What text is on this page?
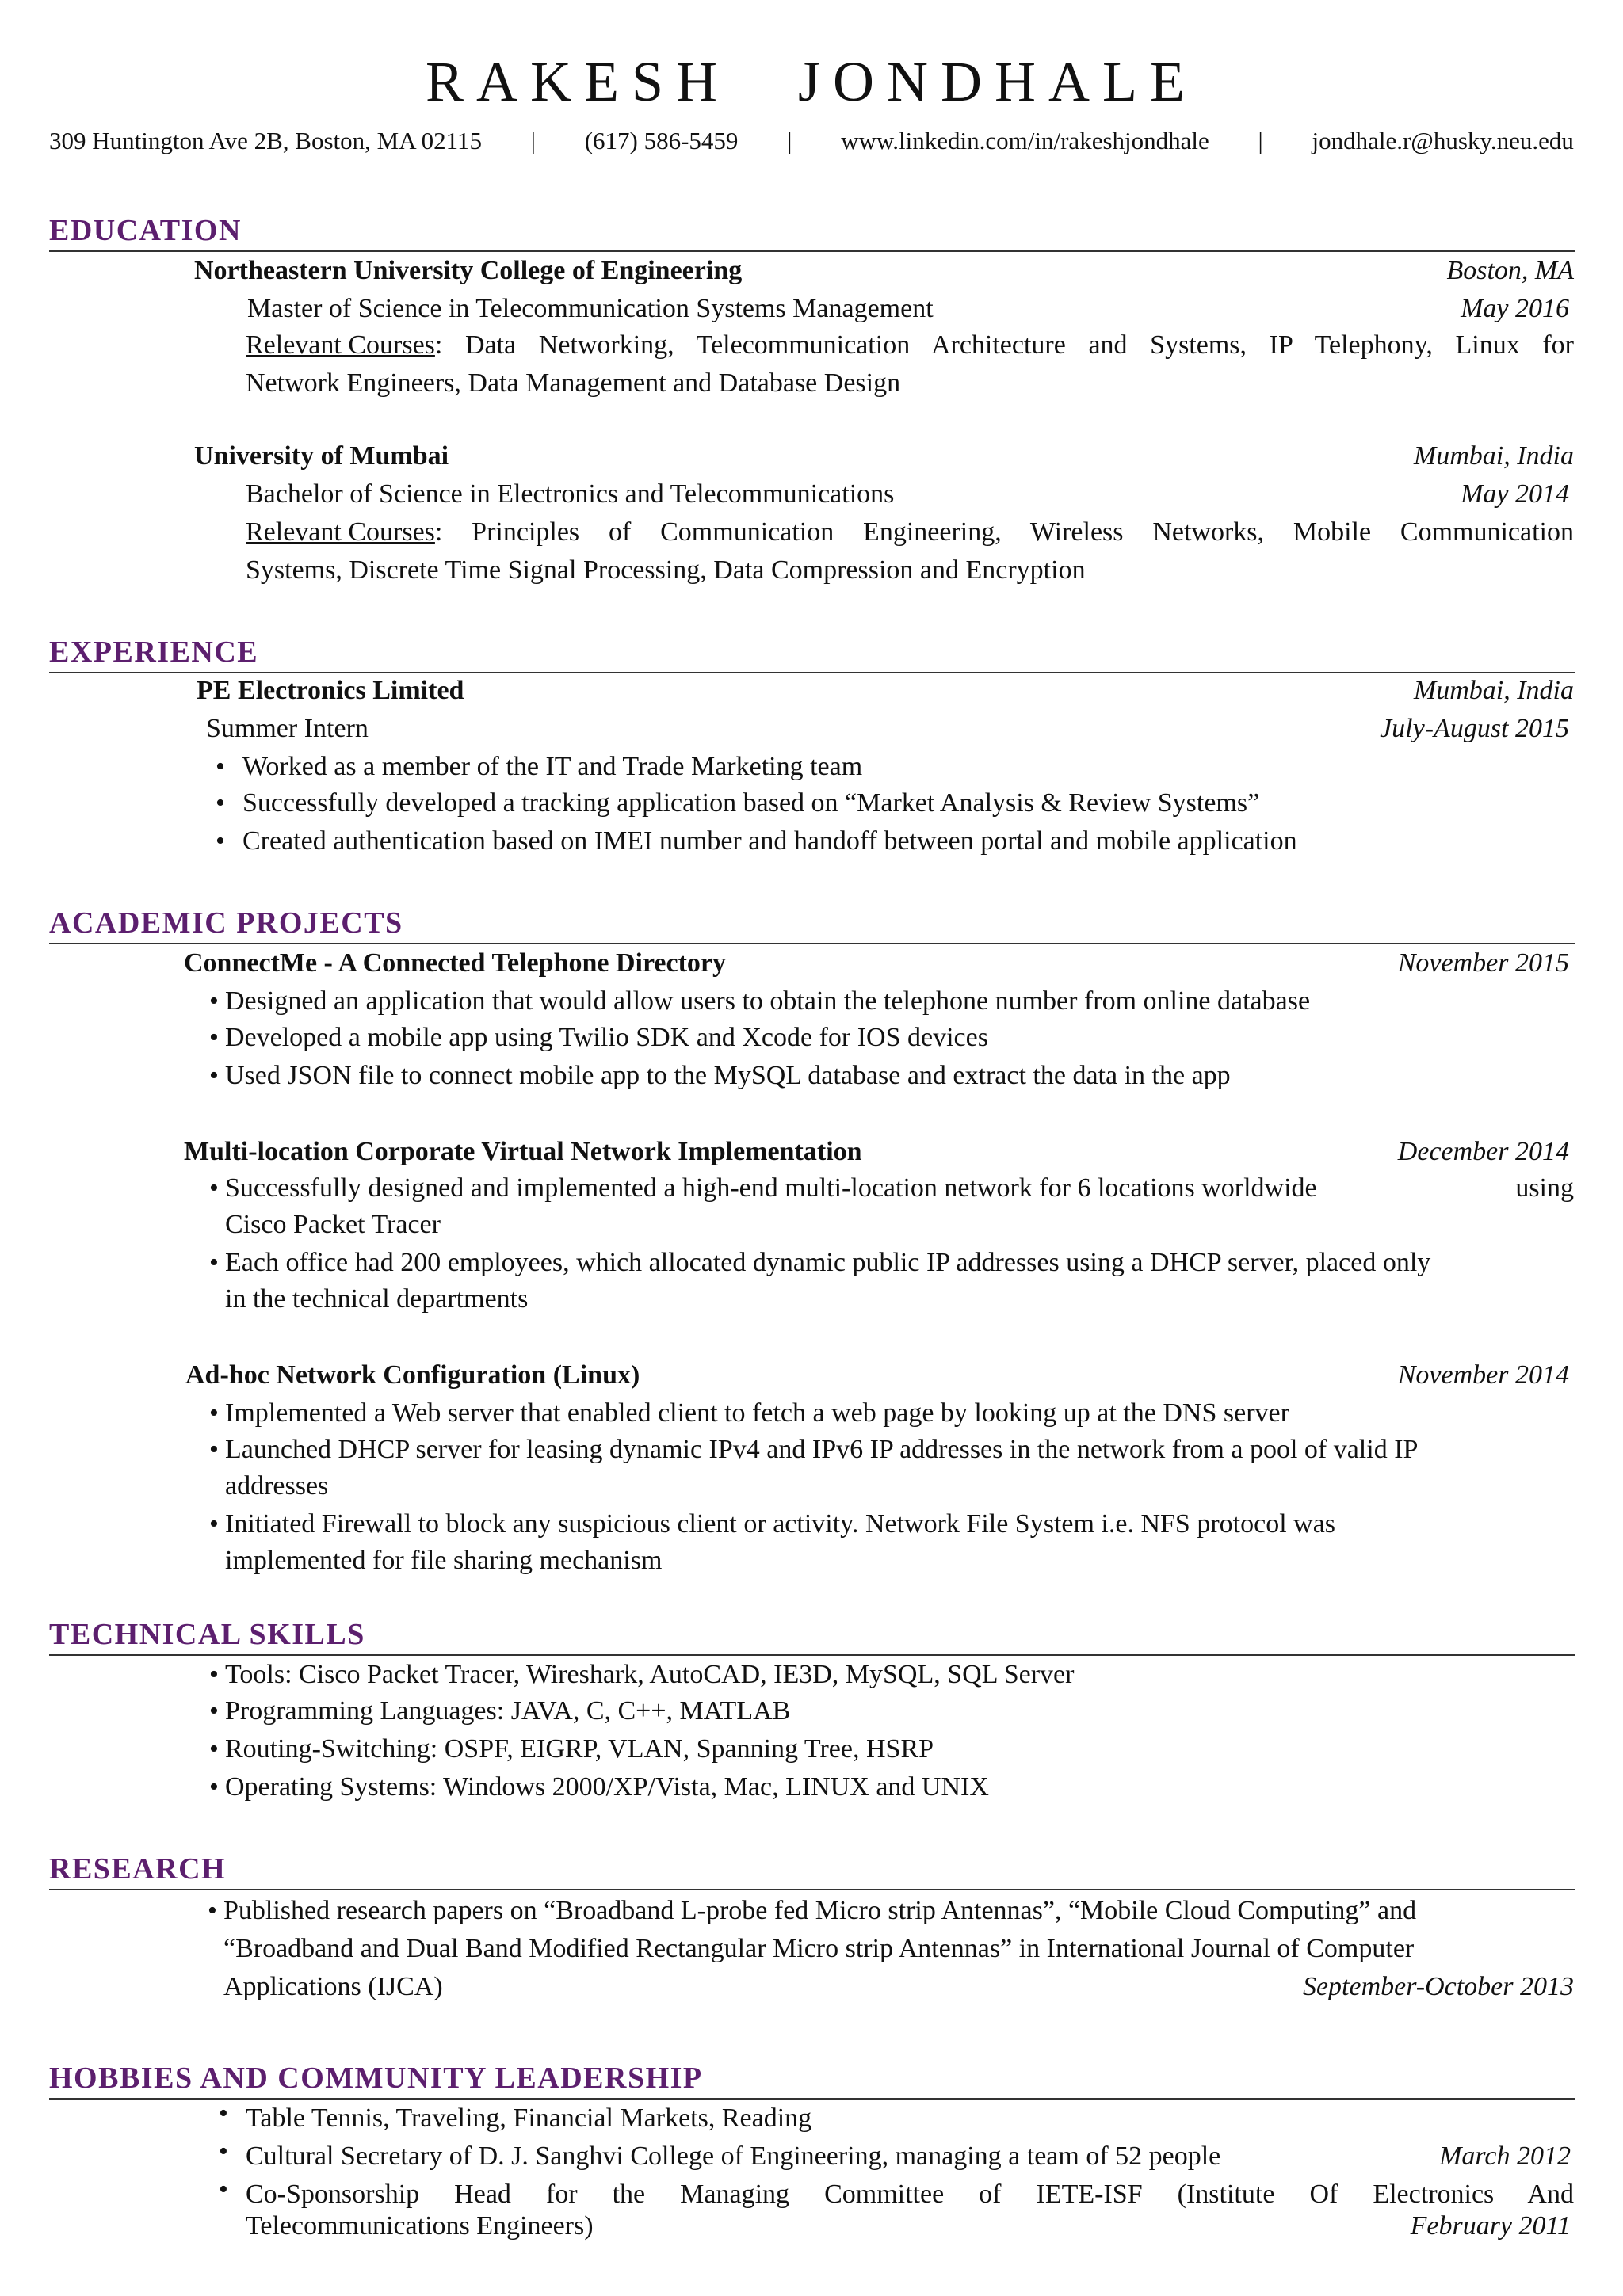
RAKESH JONDHALE
309 Huntington Ave 2B, Boston, MA 02115 | (617) 586-5459 | www.linkedin.com/in/rakeshjondhale | jondhale.r@husky.neu.edu
EDUCATION
Northeastern University College of Engineering	Boston, MA
Master of Science in Telecommunication Systems Management	May 2016
Relevant Courses : Data Networking, Telecommunication Architecture and Systems, IP Telephony, Linux for
Network Engineers, Data Management and Database Design
University of Mumbai	Mumbai, India
Bachelor of Science in Electronics and Telecommunications	May 2014
Relevant Courses : Principles of Communication Engineering, Wireless Networks, Mobile Communication
Systems, Discrete Time Signal Processing, Data Compression and Encryption
EXPERIENCE
PE Electronics Limited	Mumbai, India
Summer Intern	July-August 2015
• Worked as a member of the IT and Trade Marketing team
• Successfully developed a tracking application based on “Market Analysis & Review Systems”
• Created authentication based on IMEI number and handoff between portal and mobile application
ACADEMIC PROJECTS
ConnectMe - A Connected Telephone Directory	November 2015
• Designed an application that would allow users to obtain the telephone number from online database
• Developed a mobile app using Twilio SDK and Xcode for IOS devices
• Used JSON file to connect mobile app to the MySQL database and extract the data in the app
Multi-location Corporate Virtual Network Implementation	December 2014
• Successfully designed and implemented a high-end multi-location network for 6 locations worldwide	using
Cisco Packet Tracer
• Each office had 200 employees, which allocated dynamic public IP addresses using a DHCP server, placed only
in the technical departments
Ad-hoc Network Configuration (Linux)	November 2014
• Implemented a Web server that enabled client to fetch a web page by looking up at the DNS server
• Launched DHCP server for leasing dynamic IPv4 and IPv6 IP addresses in the network from a pool of valid IP
addresses
• Initiated Firewall to block any suspicious client or activity. Network File System i.e. NFS protocol was
implemented for file sharing mechanism
TECHNICAL SKILLS
• Tools: Cisco Packet Tracer, Wireshark, AutoCAD, IE3D, MySQL, SQL Server
• Programming Languages: JAVA, C, C++, MATLAB
• Routing-Switching: OSPF, EIGRP, VLAN, Spanning Tree, HSRP
• Operating Systems: Windows 2000/XP/Vista, Mac, LINUX and UNIX
RESEARCH
• Published research papers on “Broadband L-probe fed Micro strip Antennas”, “Mobile Cloud Computing” and
“Broadband and Dual Band Modified Rectangular Micro strip Antennas” in International Journal of Computer
Applications (IJCA)	September-October 2013
HOBBIES AND COMMUNITY LEADERSHIP
• Table Tennis, Traveling, Financial Markets, Reading
• Cultural Secretary of D. J. Sanghvi College of Engineering, managing a team of 52 people	March 2012
• Co-Sponsorship Head for the Managing Committee of IETE-ISF (Institute Of Electronics And
Telecommunications Engineers)	February 2011
